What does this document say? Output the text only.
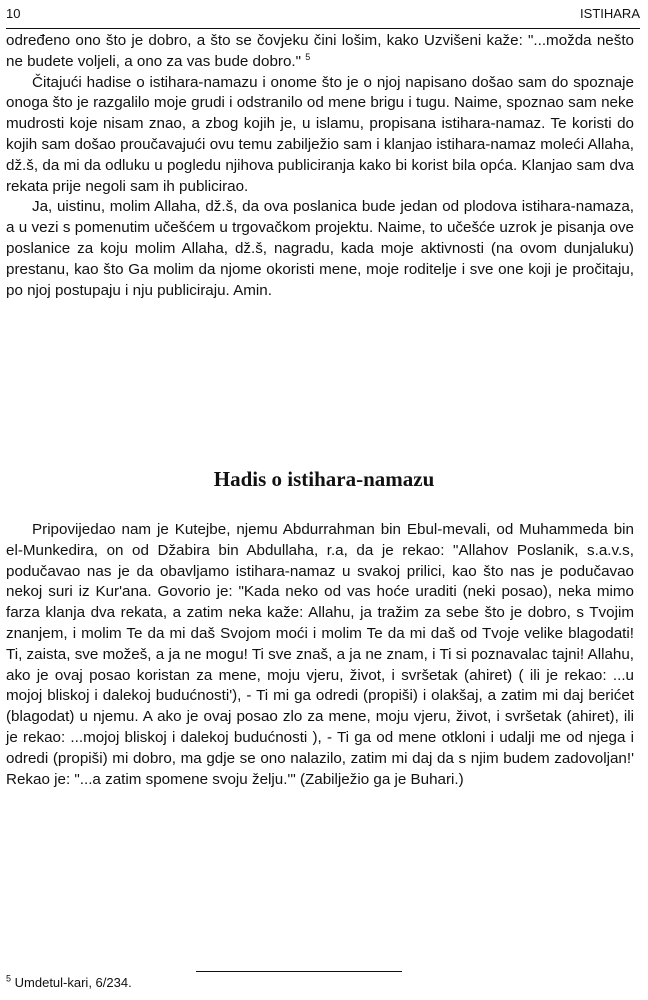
10	ISTIHARA

određeno ono što je dobro, a što se čovjeku čini lošim, kako Uzvišeni kaže: "...možda nešto ne budete voljeli, a ono za vas bude dobro." $^5$

Čitajući hadise o istihara-namazu i onome što je o njoj napisano došao sam do spoznaje onoga što je razgalilo moje grudi i odstranilo od mene brigu i tugu. Naime, spoznao sam neke mudrosti koje nisam znao, a zbog kojih je, u islamu, propisana istihara-namaz. Te koristi do kojih sam došao proučavajući ovu temu zabilježio sam i klanjao istihara-namaz moleći Allaha, dž.š, da mi da odluku u pogledu njihova publiciranja kako bi korist bila opća. Klanjao sam dva rekata prije negoli sam ih publicirao.

Ja, uistinu, molim Allaha, dž.š, da ova poslanica bude jedan od plodova istihara-namaza, a u vezi s pomenutim učešćem u trgovačkom projektu. Naime, to učešće uzrok je pisanja ove poslanice za koju molim Allaha, dž.š, nagradu, kada moje aktivnosti (na ovom dunjaluku) prestanu, kao što Ga molim da njome okoristi mene, moje roditelje i sve one koji je pročitaju, po njoj postupaju i nju publiciraju. Amin.

Hadis o istihara-namazu

Pripovijedao nam je Kutejbe, njemu Abdurrahman bin Ebul-mevali, od Muhammeda bin el-Munkedira, on od Džabira bin Abdullaha, r.a, da je rekao: "Allahov Poslanik, s.a.v.s, podučavao nas je da obavljamo istihara-namaz u svakoj prilici, kao što nas je podučavao nekoj suri iz Kur'ana. Govorio je: "Kada neko od vas hoće uraditi (neki posao), neka mimo farza klanja dva rekata, a zatim neka kaže: Allahu, ja tražim za sebe što je dobro, s Tvojim znanjem, i molim Te da mi daš Svojom moći i molim Te da mi daš od Tvoje velike blagodati! Ti, zaista, sve možeš, a ja ne mogu! Ti sve znaš, a ja ne znam, i Ti si poznavalac tajni! Allahu, ako je ovaj posao koristan za mene, moju vjeru, život, i svršetak (ahiret) ( ili je rekao: ...u mojoj bliskoj i dalekoj budućnosti'), - Ti mi ga odredi (propiši) i olakšaj, a zatim mi daj berićet (blagodat) u njemu. A ako je ovaj posao zlo za mene, moju vjeru, život, i svršetak (ahiret), ili je rekao: ...mojoj bliskoj i dalekoj budućnosti ), - Ti ga od mene otkloni i udalji me od njega i odredi (propiši) mi dobro, ma gdje se ono nalazilo, zatim mi daj da s njim budem zadovoljan!' Rekao je: "...a zatim spomene svoju želju.'" (Zabilježio ga je Buhari.)

$^5$ Umdetul-kari, 6/234.
